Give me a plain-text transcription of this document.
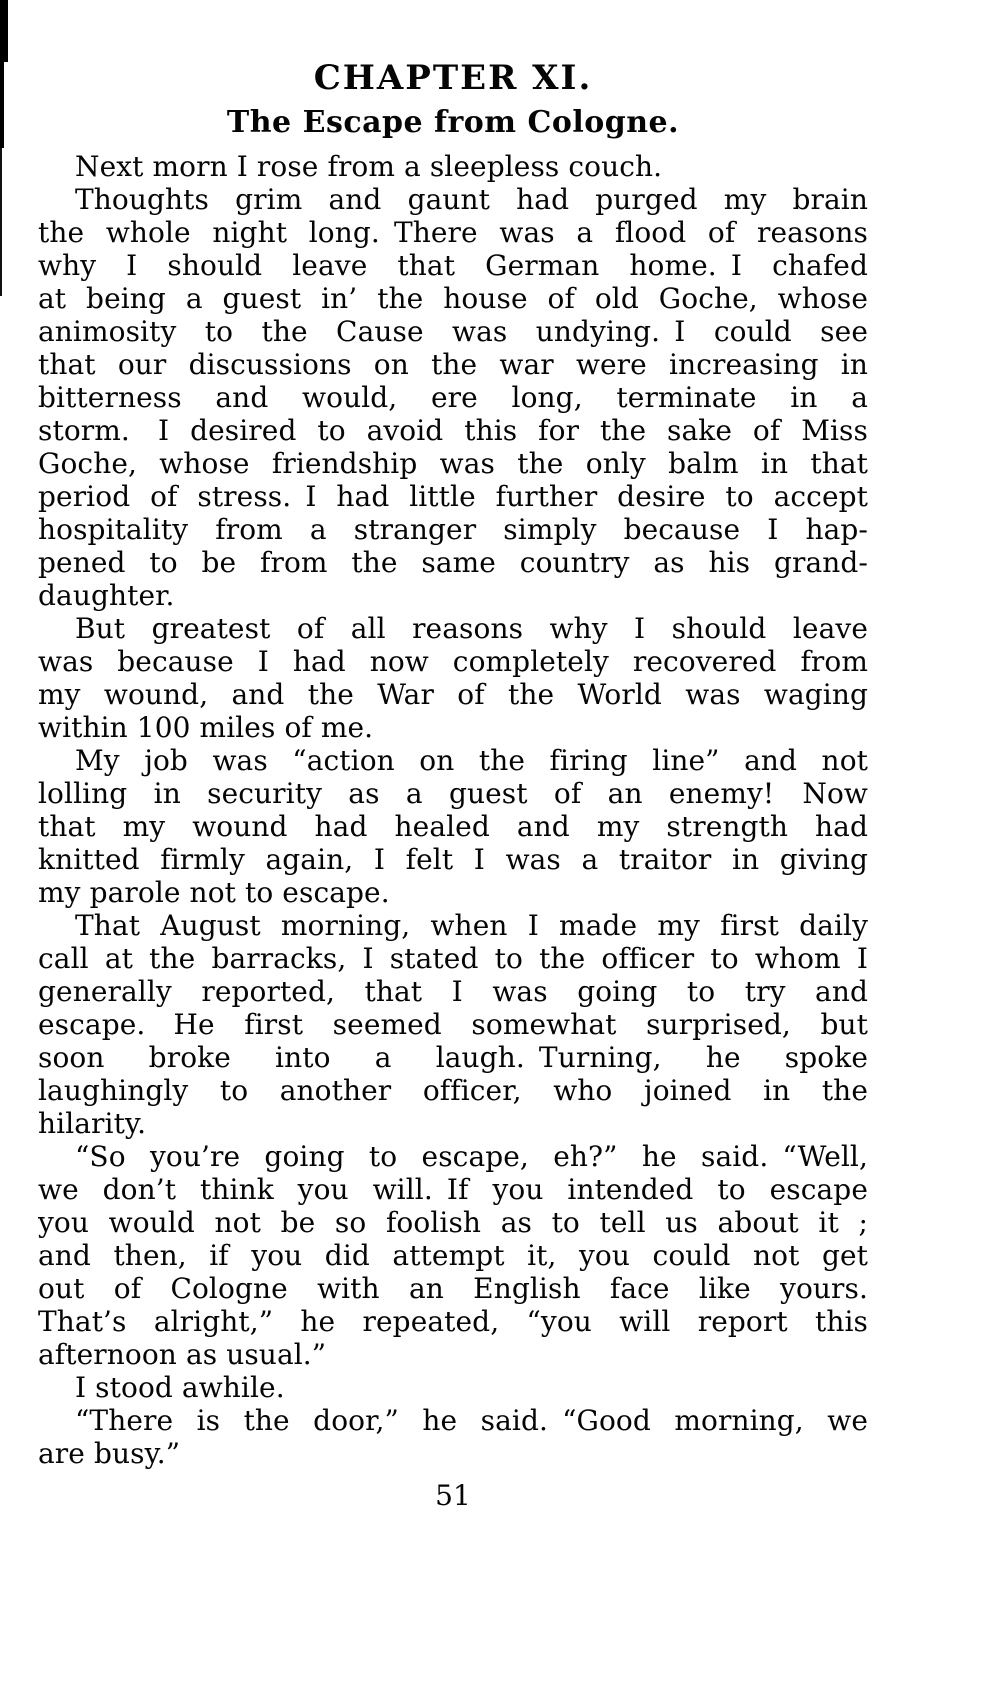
CHAPTER XI.
The Escape from Cologne.
Next morn I rose from a sleepless couch.
Thoughts grim and gaunt had purged my brain
the whole night long. There was a flood of reasons
why I should leave that German home. I chafed
at being a guest in’ the house of old Goche, whose
animosity to the Cause was undying. I could see
that our discussions on the war were increasing in
bitterness and would, ere long, terminate in a
storm. I desired to avoid this for the sake of Miss
Goche, whose friendship was the only balm in that
period of stress. I had little further desire to accept
hospitality from a stranger simply because I hap-
pened to be from the same country as his grand-
daughter.
But greatest of all reasons why I should leave
was because I had now completely recovered from
my wound, and the War of the World was waging
within 100 miles of me.
My job was “action on the firing line” and not
lolling in security as a guest of an enemy! Now
that my wound had healed and my strength had
knitted firmly again, I felt I was a traitor in giving
my parole not to escape.
That August morning, when I made my first daily
call at the barracks, I stated to the officer to whom I
generally reported, that I was going to try and
escape. He first seemed somewhat surprised, but
soon broke into a laugh. Turning, he spoke
laughingly to another officer, who joined in the
hilarity.
“So you’re going to escape, eh?” he said. “Well,
we don’t think you will. If you intended to escape
you would not be so foolish as to tell us about it ;
and then, if you did attempt it, you could not get
out of Cologne with an English face like yours.
That’s alright,” he repeated, “you will report this
afternoon as usual.”
I stood awhile.
“There is the door,” he said. “Good morning, we
are busy.”
51
